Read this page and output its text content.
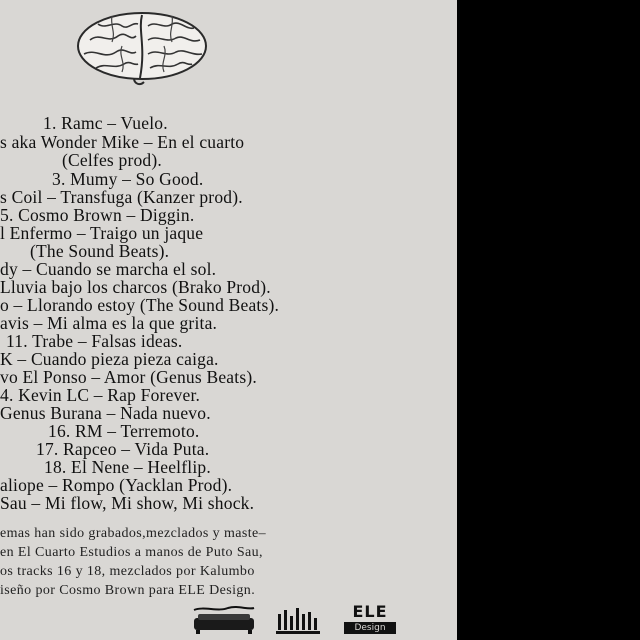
1. Ramc – Vuelo.
s aka Wonder Mike – En el cuarto
(Celfes prod).
3. Mumy – So Good.
s Coil – Transfuga (Kanzer prod).
5. Cosmo Brown – Diggin.
l Enfermo – Traigo un jaque
(The Sound Beats).
dy – Cuando se marcha el sol.
Lluvia bajo los charcos (Brako Prod).
o – Llorando estoy (The Sound Beats).
avis – Mi alma es la que grita.
11. Trabe – Falsas ideas.
K – Cuando pieza pieza caiga.
vo El Ponso – Amor (Genus Beats).
4. Kevin LC – Rap Forever.
Genus Burana – Nada nuevo.
16. RM – Terremoto.
17. Rapceo – Vida Puta.
18. El Nene – Heelflip.
aliope – Rompo (Yacklan Prod).
Sau – Mi flow, Mi show, Mi shock.
emas han sido grabados,mezclados y maste–
en El Cuarto Estudios a manos de Puto Sau,
os tracks 16 y 18, mezclados por Kalumbo
iseño por Cosmo Brown para ELE Design.
ELE
Design
